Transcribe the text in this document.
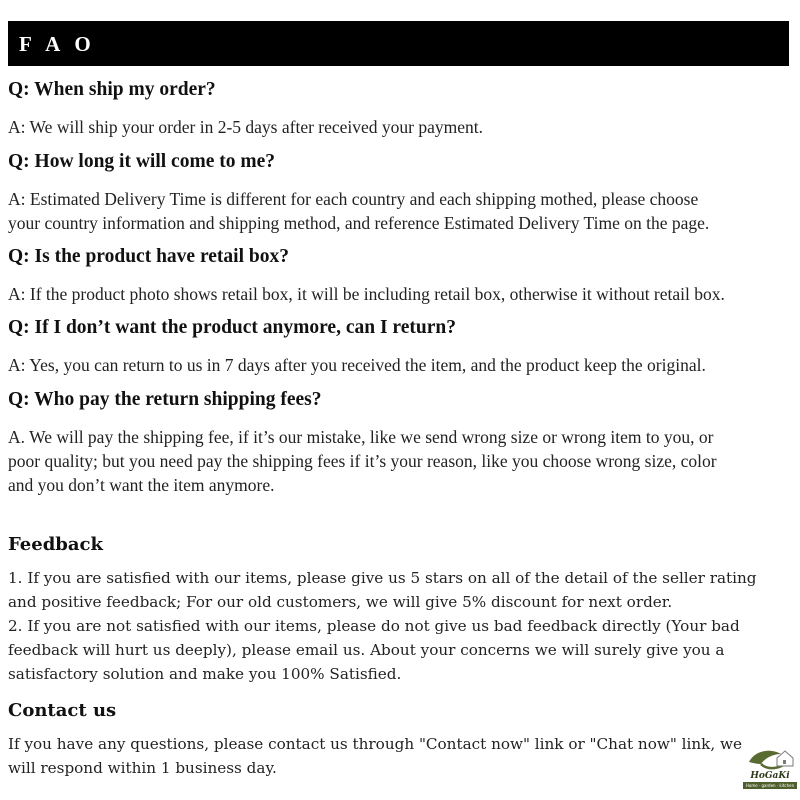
F A O

Q: When ship my order?

A: We will ship your order in 2-5 days after received your payment.

Q: How long it will come to me?

A: Estimated Delivery Time is different for each country and each shipping mothed, please choose

your country information and shipping method, and reference Estimated Delivery Time on the page.

Q: Is the product have retail box?

A: If the product photo shows retail box, it will be including retail box, otherwise it without retail box.

Q: If I don’t want the product anymore, can I return?

A: Yes, you can return to us in 7 days after you received the item, and the product keep the original.

Q: Who pay the return shipping fees?

A. We will pay the shipping fee, if it’s our mistake, like we send wrong size or wrong item to you, or

poor quality; but you need pay the shipping fees if it’s your reason, like you choose wrong size, color

and you don’t want the item anymore.

Feedback

1. If you are satisfied with our items, please give us 5 stars on all of the detail of the seller rating

and positive feedback; For our old customers, we will give 5% discount for next order.

2. If you are not satisfied with our items, please do not give us bad feedback directly (Your bad

feedback will hurt us deeply), please email us. About your concerns we will surely give you a

satisfactory solution and make you 100% Satisfied.

Contact us

If you have any questions, please contact us through "Contact now" link or "Chat now" link, we

will respond within 1 business day.	HoGaKi
Home · garden · kitchen
